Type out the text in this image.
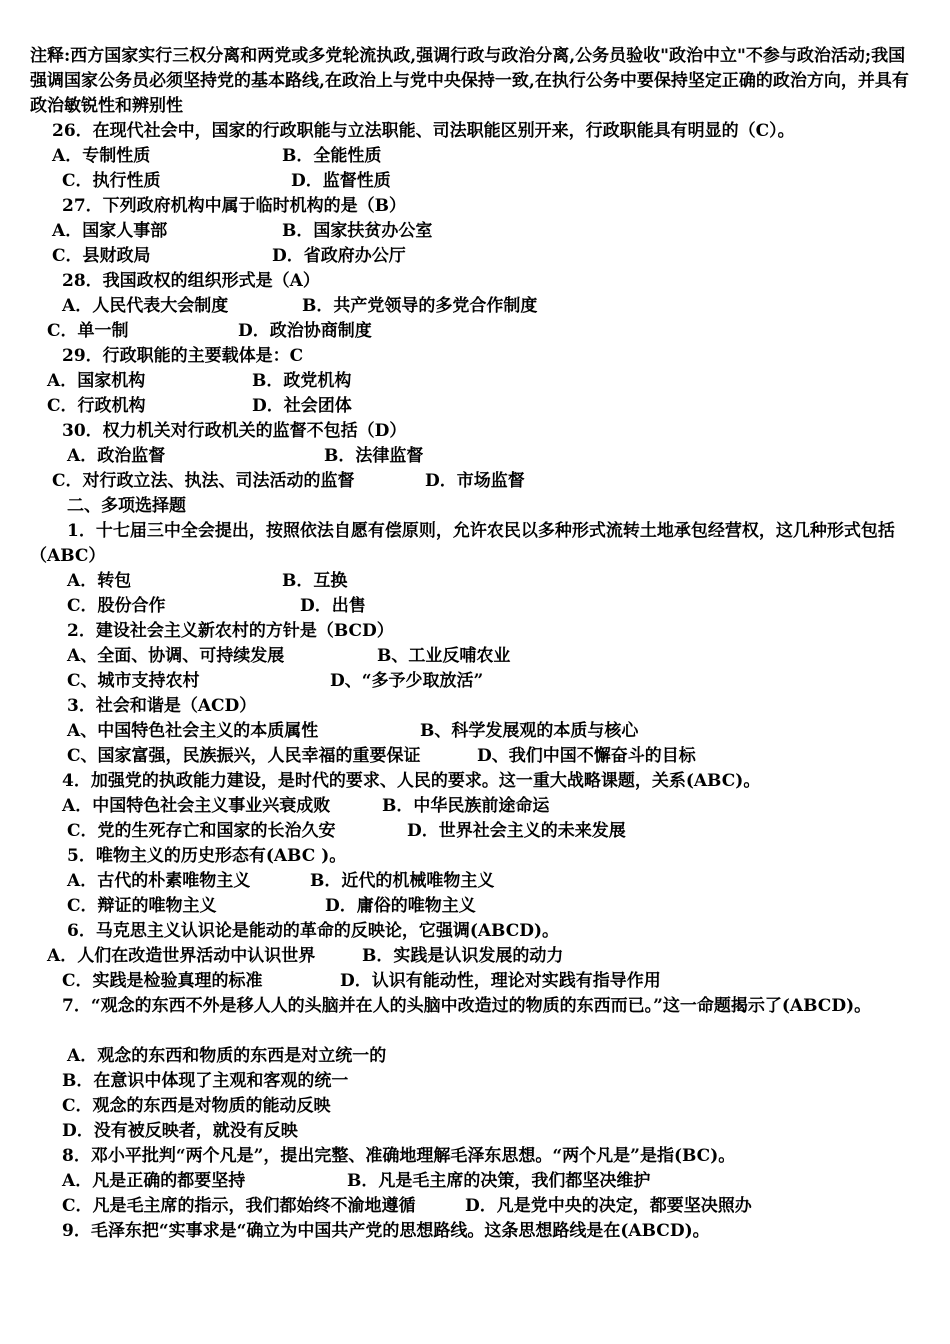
注释:西方国家实行三权分离和两党或多党轮流执政,强调行政与政治分离,公务员验收"政治中立"不参与政治活动;我国强调国家公务员必须坚持党的基本路线,在政治上与党中央保持一致,在执行公务中要保持坚定正确的政治方向，并具有政治敏锐性和辨别性
26．在现代社会中，国家的行政职能与立法职能、司法职能区别开来，行政职能具有明显的（C）。
A．专制性质	B．全能性质
C．执行性质	D．监督性质
27．下列政府机构中属于临时机构的是（B）
A．国家人事部	B．国家扶贫办公室
C．县财政局	D．省政府办公厅
28．我国政权的组织形式是（A）
A．人民代表大会制度	B．共产党领导的多党合作制度
C．单一制	D．政治协商制度
29．行政职能的主要载体是：C
A．国家机构	B．政党机构
C．行政机构	D．社会团体
30．权力机关对行政机关的监督不包括（D）
A．政治监督	B．法律监督
C．对行政立法、执法、司法活动的监督	D．市场监督
二、多项选择题
1．十七届三中全会提出，按照依法自愿有偿原则，允许农民以多种形式流转土地承包经营权，这几种形式包括（ABC）
A．转包	B．互换
C．股份合作	D．出售
2．建设社会主义新农村的方针是（BCD）
A、全面、协调、可持续发展	B、工业反哺农业
C、城市支持农村	D、“多予少取放活”
3．社会和谐是（ACD）
A、中国特色社会主义的本质属性	B、科学发展观的本质与核心
C、国家富强，民族振兴，人民幸福的重要保证	D、我们中国不懈奋斗的目标
4．加强党的执政能力建设，是时代的要求、人民的要求。这一重大战略课题，关系(ABC)。
A．中国特色社会主义事业兴衰成败	B．中华民族前途命运
C．党的生死存亡和国家的长治久安	D．世界社会主义的未来发展
5．唯物主义的历史形态有(ABC )。
A．古代的朴素唯物主义	B．近代的机械唯物主义
C．辩证的唯物主义	D．庸俗的唯物主义
6．马克思主义认识论是能动的革命的反映论，它强调(ABCD)。
A．人们在改造世界活动中认识世界	B．实践是认识发展的动力
C．实践是检验真理的标准	D．认识有能动性，理论对实践有指导作用
7．“观念的东西不外是移人人的头脑并在人的头脑中改造过的物质的东西而已。”这一命题揭示了(ABCD)。
A．观念的东西和物质的东西是对立统一的
B．在意识中体现了主观和客观的统一
C．观念的东西是对物质的能动反映
D．没有被反映者，就没有反映
8．邓小平批判“两个凡是”，提出完整、准确地理解毛泽东思想。“两个凡是”是指(BC)。
A．凡是正确的都要坚持	B．凡是毛主席的决策，我们都坚决维护
C．凡是毛主席的指示，我们都始终不渝地遵循	D．凡是党中央的决定，都要坚决照办
9．毛泽东把“实事求是“确立为中国共产党的思想路线。这条思想路线是在(ABCD)。
